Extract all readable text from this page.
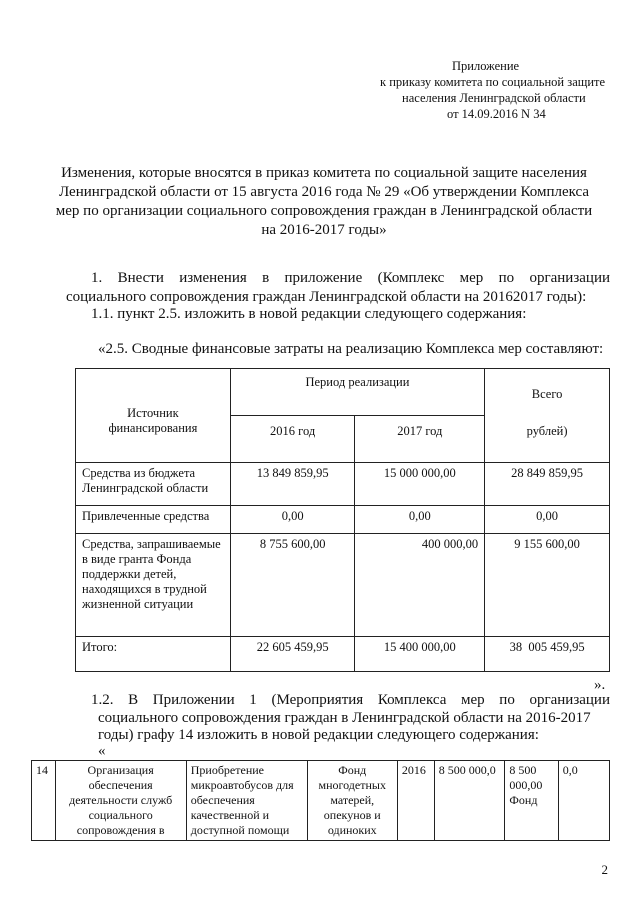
Приложение
к приказу комитета по социальной защите
населения Ленинградской области
от 14.09.2016 N 34
Изменения, которые вносятся в приказ комитета по социальной защите населения Ленинградской области от 15 августа 2016 года № 29 «Об утверждении Комплекса мер по организации социального сопровождения граждан в Ленинградской области на 2016-2017 годы»
1. Внести изменения в приложение (Комплекс мер по организации
социального сопровождения граждан Ленинградской области на 20162017 годы):
1.1. пункт 2.5. изложить в новой редакции следующего содержания:
«2.5. Сводные финансовые затраты на реализацию Комплекса мер составляют:
Источник финансирования	Период реализации		Всего
	2016 год	2017 год	рублей)
Средства из бюджета Ленинградской области	13 849 859,95	15 000 000,00	28 849 859,95
Привлеченные средства	0,00	0,00	0,00
Средства, запрашиваемые в виде гранта Фонда поддержки детей, находящихся в трудной жизненной ситуации	8 755 600,00	400 000,00	9 155 600,00
Итого:	22 605 459,95	15 400 000,00	38  005 459,95
».
1.2. В Приложении 1 (Мероприятия Комплекса мер по организации
социального сопровождения граждан в Ленинградской области на 2016-2017
годы) графу 14 изложить в новой редакции следующего содержания:
«
14	Организация обеспечения деятельности служб социального сопровождения в	Приобретение микроавтобусов для обеспечения качественной и доступной помощи	Фонд многодетных матерей, опекунов и одиноких	2016	8 500 000,0	8 500 000,00 Фонд	0,0
2
